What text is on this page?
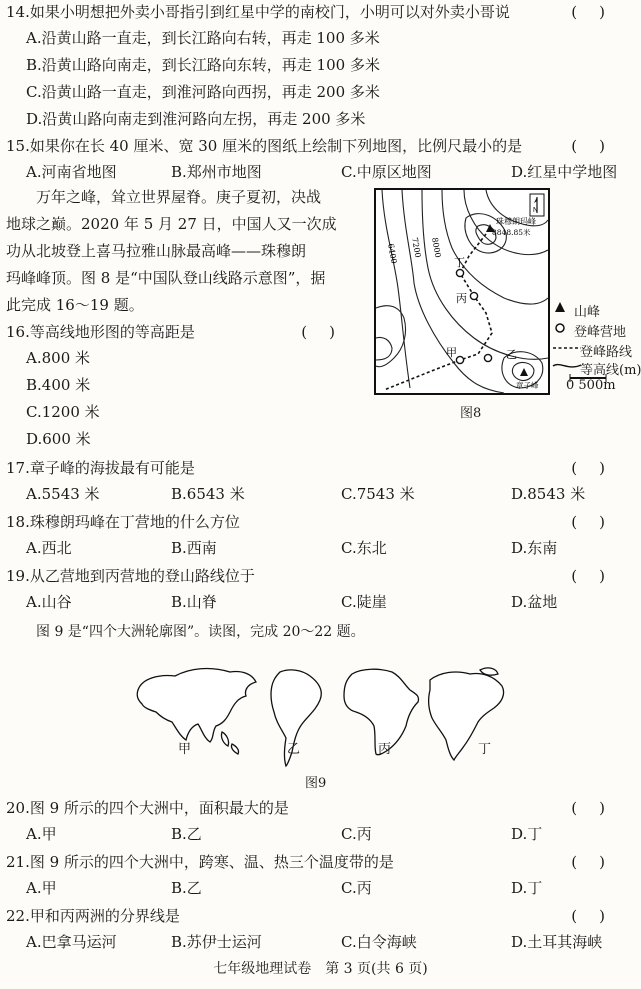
14.如果小明想把外卖小哥指引到红星中学的南校门，小明可以对外卖小哥说	()
A.沿黄山路一直走，到长江路向右转，再走 100 多米
B.沿黄山路向南走，到长江路向东转，再走 100 多米
C.沿黄山路一直走，到淮河路向西拐，再走 200 多米
D.沿黄山路向南走到淮河路向左拐，再走 200 多米
15.如果你在长 40 厘米、宽 30 厘米的图纸上绘制下列地图，比例尺最小的是	()
A.河南省地图	B.郑州市地图	C.中原区地图	D.红星中学地图
万年之峰，耸立世界屋脊。庚子夏初，决战
地球之巅。2020 年 5 月 27 日，中国人又一次成
功从北坡登上喜马拉雅山脉最高峰——珠穆朗
玛峰峰顶。图 8 是“中国队登山线路示意图”，据
此完成 16～19 题。
6400 7200 8000
N
珠穆朗玛峰
8848.85米
丁
丙
乙
甲
章子峰
山峰
登峰营地
登峰路线
等高线(m)
0 500m
图8
16.等高线地形图的等高距是	()
A.800 米
B.400 米
C.1200 米
D.600 米
17.章子峰的海拔最有可能是	()
A.5543 米	B.6543 米	C.7543 米	D.8543 米
18.珠穆朗玛峰在丁营地的什么方位	()
A.西北	B.西南	C.东北	D.东南
19.从乙营地到丙营地的登山路线位于	()
A.山谷	B.山脊	C.陡崖	D.盆地
图 9 是“四个大洲轮廓图”。读图，完成 20～22 题。
甲	乙	丙	丁
图9
20.图 9 所示的四个大洲中，面积最大的是	()
A.甲	B.乙	C.丙	D.丁
21.图 9 所示的四个大洲中，跨寒、温、热三个温度带的是	()
A.甲	B.乙	C.丙	D.丁
22.甲和丙两洲的分界线是	()
A.巴拿马运河	B.苏伊士运河	C.白令海峡	D.土耳其海峡
七年级地理试卷　第 3 页(共 6 页)
